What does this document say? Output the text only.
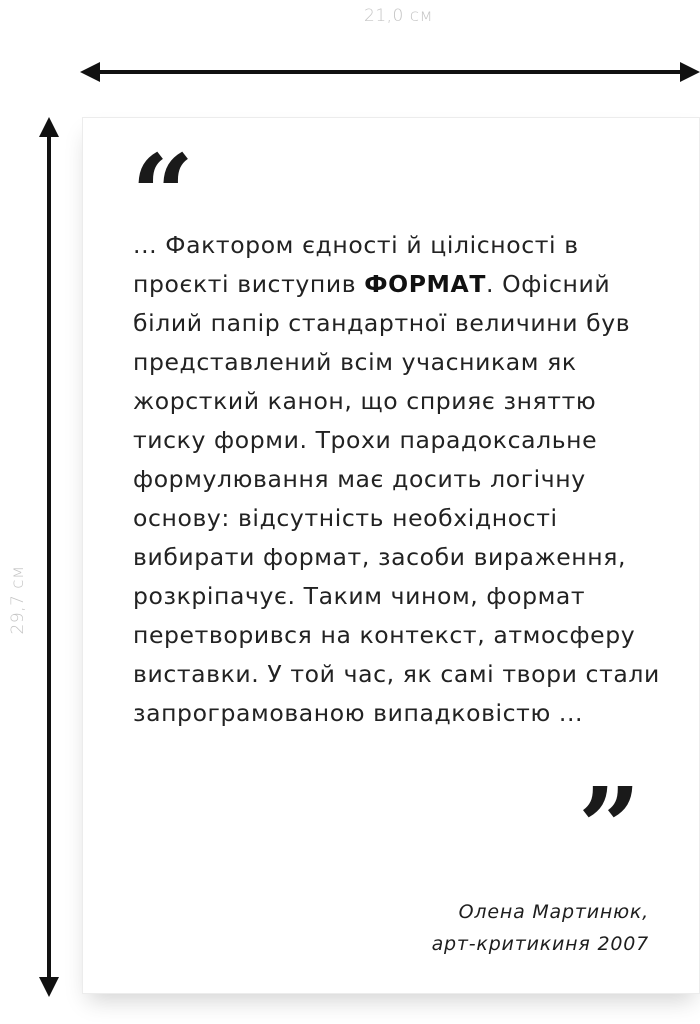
21,0 см
29,7 см
“

... Фактором єдності й цілісності в проєкті виступив ФОРМАТ. Офісний білий папір стандартної величини був представлений всім учасникам як жорсткий канон, що сприяє зняттю тиску форми. Трохи парадоксальне формулювання має досить логічну основу: відсутність необхідності вибирати формат, засоби вираження, розкріпачує. Таким чином, формат перетворився на контекст, атмосферу виставки. У той час, як самі твори стали запрограмованою випадковістю ...

”
Олена Мартинюк,
арт-критикиня 2007
